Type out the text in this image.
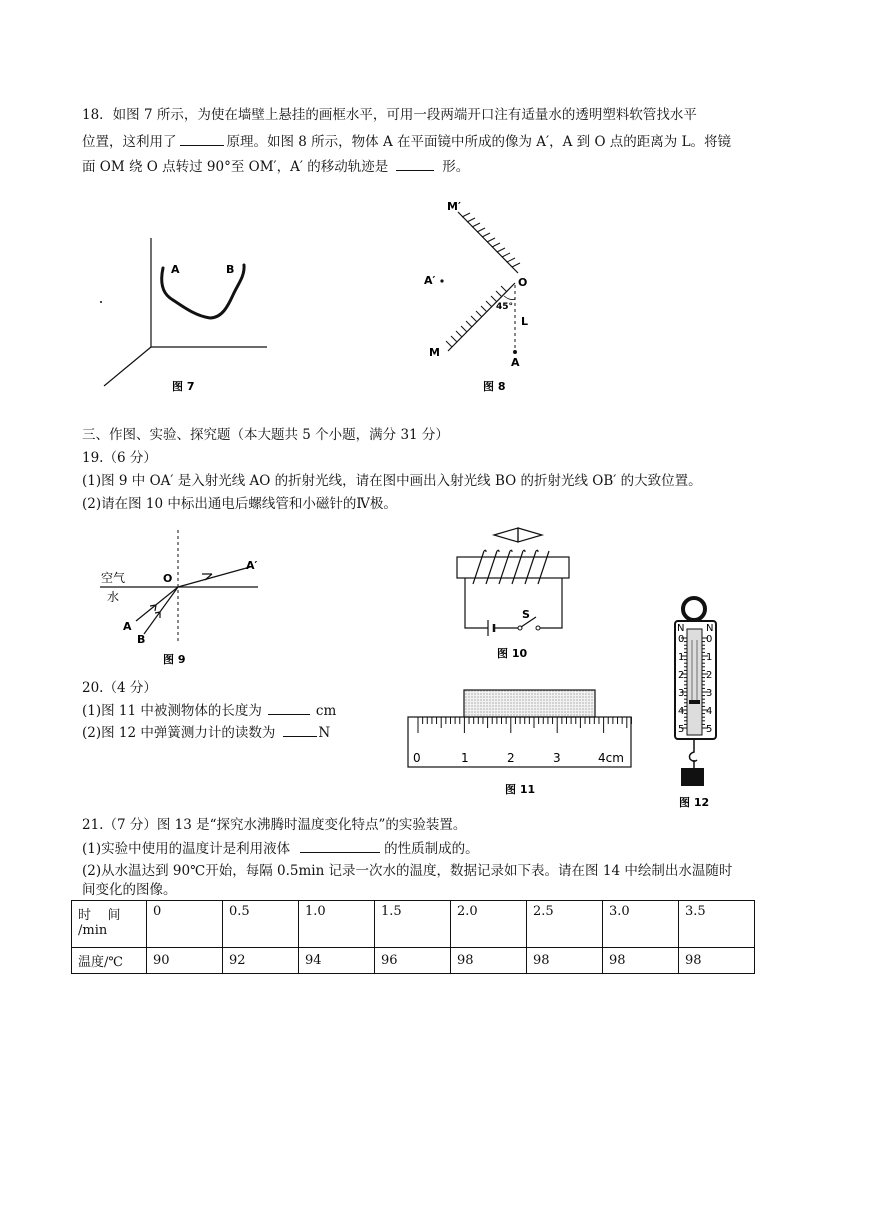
18．如图 7 所示，为使在墙壁上悬挂的画框水平，可用一段两端开口注有适量水的透明塑料软管找水平
位置，这利用了	原理。如图 8 所示，物体 A 在平面镜中所成的像为 A′，A 到 O 点的距离为 L。将镜
面 OM 绕 O 点转过 90°至 OM′，A′ 的移动轨迹是	形。
A	B
图 7
M′
A′	O
45°
L
M
A
图 8
三、作图、实验、探究题（本大题共 5 个小题，满分 31 分）
19.（6 分）
(1)图 9 中 OA′ 是入射光线 AO 的折射光线，请在图中画出入射光线 BO 的折射光线 OB′ 的大致位置。
(2)请在图 10 中标出通电后螺线管和小磁针的Ⅳ极。
空气
水
O
A′
A
B
图 9
S
图 10
20.（4 分）
(1)图 11 中被测物体的长度为	cm
(2)图 12 中弹簧测力计的读数为	N
0	1	2	3	4cm
图 11
N N
0 0
1 1
2 2
3 3
4 4
5 5
图 12
21.（7 分）图 13 是“探究水沸腾时温度变化特点”的实验装置。
(1)实验中使用的温度计是利用液体	的性质制成的。
(2)从水温达到 90℃开始，每隔 0.5min 记录一次水的温度，数据记录如下表。请在图 14 中绘制出水温随时
间变化的图像。
时    间
/min	0	0.5	1.0	1.5	2.0	2.5	3.0	3.5
温度/℃	90	92	94	96	98	98	98	98
